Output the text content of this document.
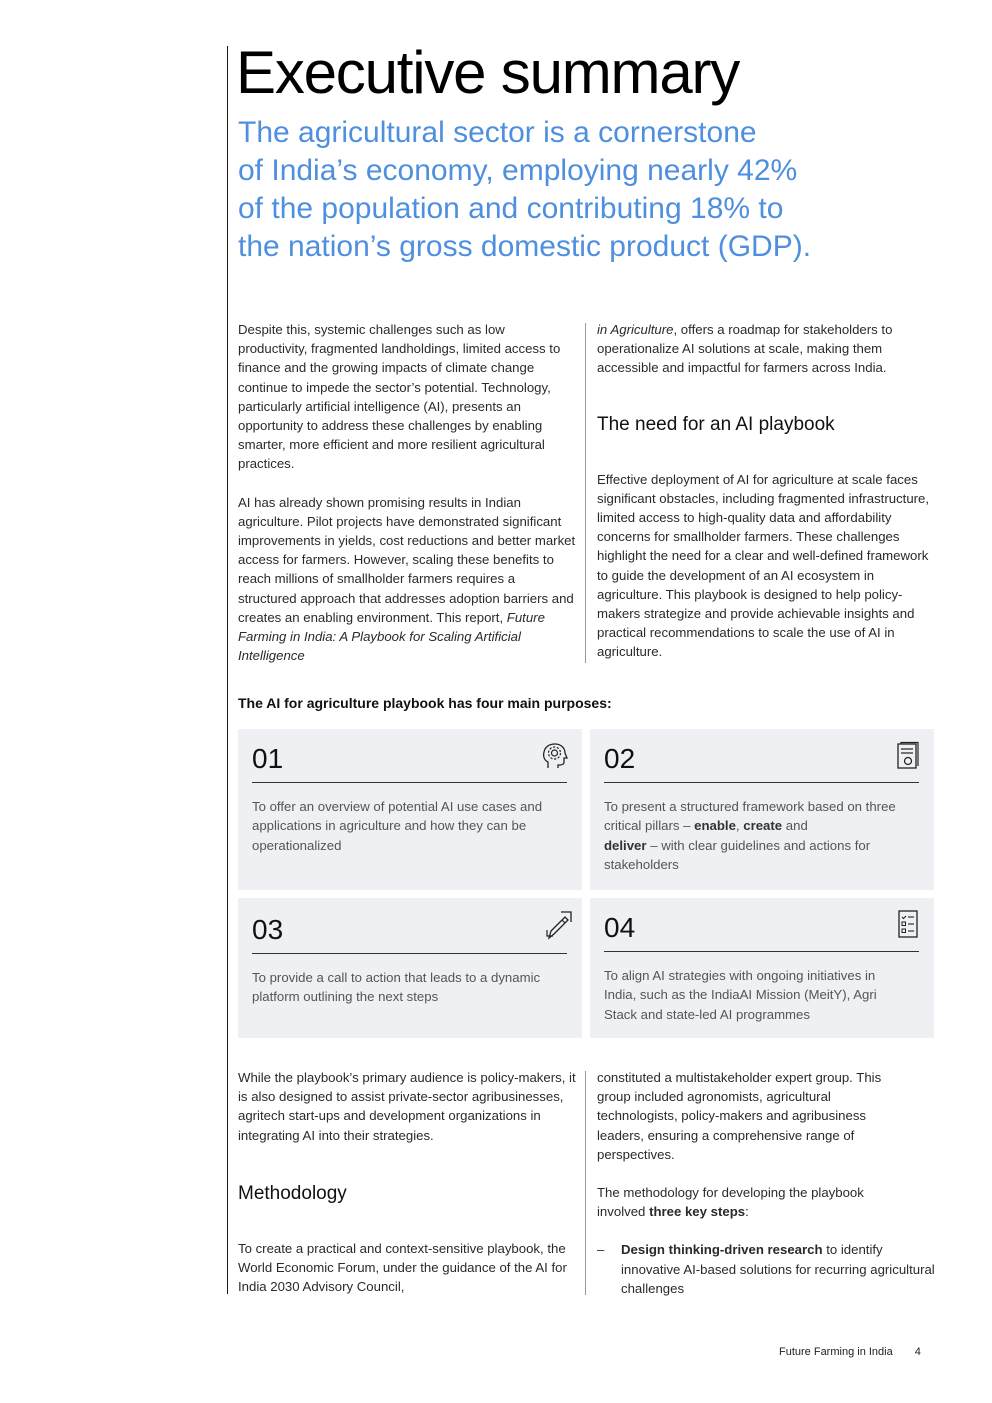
Executive summary
The agricultural sector is a cornerstone
of India’s economy, employing nearly 42%
of the population and contributing 18% to
the nation’s gross domestic product (GDP).

Despite this, systemic challenges such as low productivity, fragmented landholdings, limited access to finance and the growing impacts of climate change continue to impede the sector’s potential. Technology, particularly artificial intelligence (AI), presents an opportunity to address these challenges by enabling smarter, more efficient and more resilient agricultural practices.

AI has already shown promising results in Indian agriculture. Pilot projects have demonstrated significant improvements in yields, cost reductions and better market access for farmers. However, scaling these benefits to reach millions of smallholder farmers requires a structured approach that addresses adoption barriers and creates an enabling environment. This report, Future Farming in India: A Playbook for Scaling Artificial Intelligence

in Agriculture, offers a roadmap for stakeholders to operationalize AI solutions at scale, making them accessible and impactful for farmers across India.

The need for an AI playbook

Effective deployment of AI for agriculture at scale faces significant obstacles, including fragmented infrastructure, limited access to high-quality data and affordability concerns for smallholder farmers. These challenges highlight the need for a clear and well-defined framework to guide the development of an AI ecosystem in agriculture. This playbook is designed to help policy-makers strategize and provide achievable insights and practical recommendations to scale the use of AI in agriculture.

The AI for agriculture playbook has four main purposes:

01
To offer an overview of potential AI use cases and applications in agriculture and how they can be operationalized
02
To present a structured framework based on three critical pillars – enable, create and
deliver – with clear guidelines and actions for stakeholders
03
To provide a call to action that leads to a dynamic platform outlining the next steps
04
To align AI strategies with ongoing initiatives in India, such as the IndiaAI Mission (MeitY), Agri Stack and state-led AI programmes

While the playbook’s primary audience is policy-makers, it is also designed to assist private-sector agribusinesses, agritech start-ups and development organizations in integrating AI into their strategies.

Methodology

To create a practical and context-sensitive playbook, the World Economic Forum, under the guidance of the AI for India 2030 Advisory Council,

constituted a multistakeholder expert group. This group included agronomists, agricultural technologists, policy-makers and agribusiness leaders, ensuring a comprehensive range of perspectives.

The methodology for developing the playbook involved three key steps:

– Design thinking-driven research to identify innovative AI-based solutions for recurring agricultural challenges

Future Farming in India 4
